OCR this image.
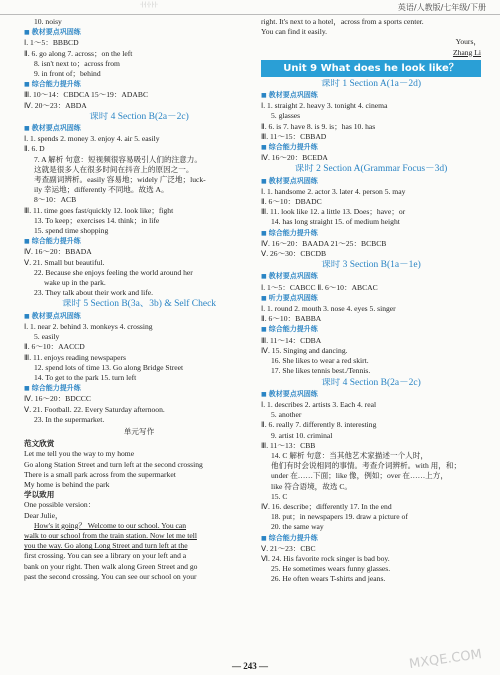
·|·|·|·|·|·	英语/人教版/七年级/下册
10. noisy
■ 教材要点巩固练
Ⅰ. 1～5：BBBCD
Ⅱ. 6. go along 7. across；on the left
8. isn't next to；across from
9. in front of；behind
■ 综合能力提升练
Ⅲ. 10～14：CBDCA 15～19：ADABC
Ⅳ. 20～23：ABDA
课时 4 Section B(2a－2c)
■ 教材要点巩固练
Ⅰ. 1. spends 2. money 3. enjoy 4. air 5. easily
Ⅱ. 6. D
7. A 解析 句意：短视频很容易吸引人们的注意力。
这就是很多人在很多时间在抖音上的原因之一。
考查副词辨析。easily 容易地；widely 广泛地；luck-
ily 幸运地；differently 不同地。故选 A。
8～10：ACB
Ⅲ. 11. time goes fast/quickly 12. look like；fight
13. To keep；exercises 14. think；in life
15. spend time shopping
■ 综合能力提升练
Ⅳ. 16～20：BBADA
Ⅴ. 21. Small but beautiful.
22. Because she enjoys feeling the world around her
wake up in the park.
23. They talk about their work and life.
课时 5 Section B(3a、3b) & Self Check
■ 教材要点巩固练
Ⅰ. 1. near 2. behind 3. monkeys 4. crossing
5. easily
Ⅱ. 6～10：AACCD
Ⅲ. 11. enjoys reading newspapers
12. spend lots of time 13. Go along Bridge Street
14. To get to the park 15. turn left
■ 综合能力提升练
Ⅳ. 16～20：BDCCC
Ⅴ. 21. Football. 22. Every Saturday afternoon.
23. In the supermarket.
单元写作
范文欣赏
Let me tell you the way to my home
Go along Station Street and turn left at the second crossing
There is a small park across from the supermarket
My home is behind the park
学以致用
One possible version：
Dear Julie，
How's it going？ Welcome to our school. You can
walk to our school from the train station. Now let me tell
you the way. Go along Long Street and turn left at the
first crossing. You can see a library on your left and a
bank on your right. Then walk along Green Street and go
past the second crossing. You can see our school on your
right. It's next to a hotel，across from a sports center.
You can find it easily.
Yours，
Zhang Li
Unit 9 What does he look like？
课时 1 Section A(1a－2d)
■ 教材要点巩固练
Ⅰ. 1. straight 2. heavy 3. tonight 4. cinema
5. glasses
Ⅱ. 6. is 7. have 8. is 9. is；has 10. has
Ⅲ. 11～15：CBBAD
■ 综合能力提升练
Ⅳ. 16～20：BCEDA
课时 2 Section A(Grammar Focus－3d)
■ 教材要点巩固练
Ⅰ. 1. handsome 2. actor 3. later 4. person 5. may
Ⅱ. 6～10：DBADC
Ⅲ. 11. look like 12. a little 13. Does；have；or
14. has long straight 15. of medium height
■ 综合能力提升练
Ⅳ. 16～20：BAADA 21～25：BCBCB
Ⅴ. 26～30：CBCDB
课时 3 Section B(1a－1e)
■ 教材要点巩固练
Ⅰ. 1～5：CABCC Ⅱ. 6～10：ABCAC
■ 听力要点巩固练
Ⅰ. 1. round 2. mouth 3. nose 4. eyes 5. singer
Ⅱ. 6～10：BABBA
■ 综合能力提升练
Ⅲ. 11～14：CDBA
Ⅳ. 15. Singing and dancing.
16. She likes to wear a red skirt.
17. She likes tennis best./Tennis.
课时 4 Section B(2a－2c)
■ 教材要点巩固练
Ⅰ. 1. describes 2. artists 3. Each 4. real
5. another
Ⅱ. 6. really 7. differently 8. interesting
9. artist 10. criminal
Ⅲ. 11～13：CBB
14. C 解析 句意：当其他艺术家描述一个人时，
他们有时会说相同的事情。考查介词辨析。with 用，和；
under 在……下面；like 像，例如；over 在……上方，
like 符合语境，故选 C。
15. C
Ⅳ. 16. describe；differently 17. In the end
18. put；in newspapers 19. draw a picture of
20. the same way
■ 综合能力提升练
Ⅴ. 21～23：CBC
Ⅵ. 24. His favorite rock singer is bad boy.
25. He sometimes wears funny glasses.
26. He often wears T-shirts and jeans.
— 243 —	MXQE.COM
